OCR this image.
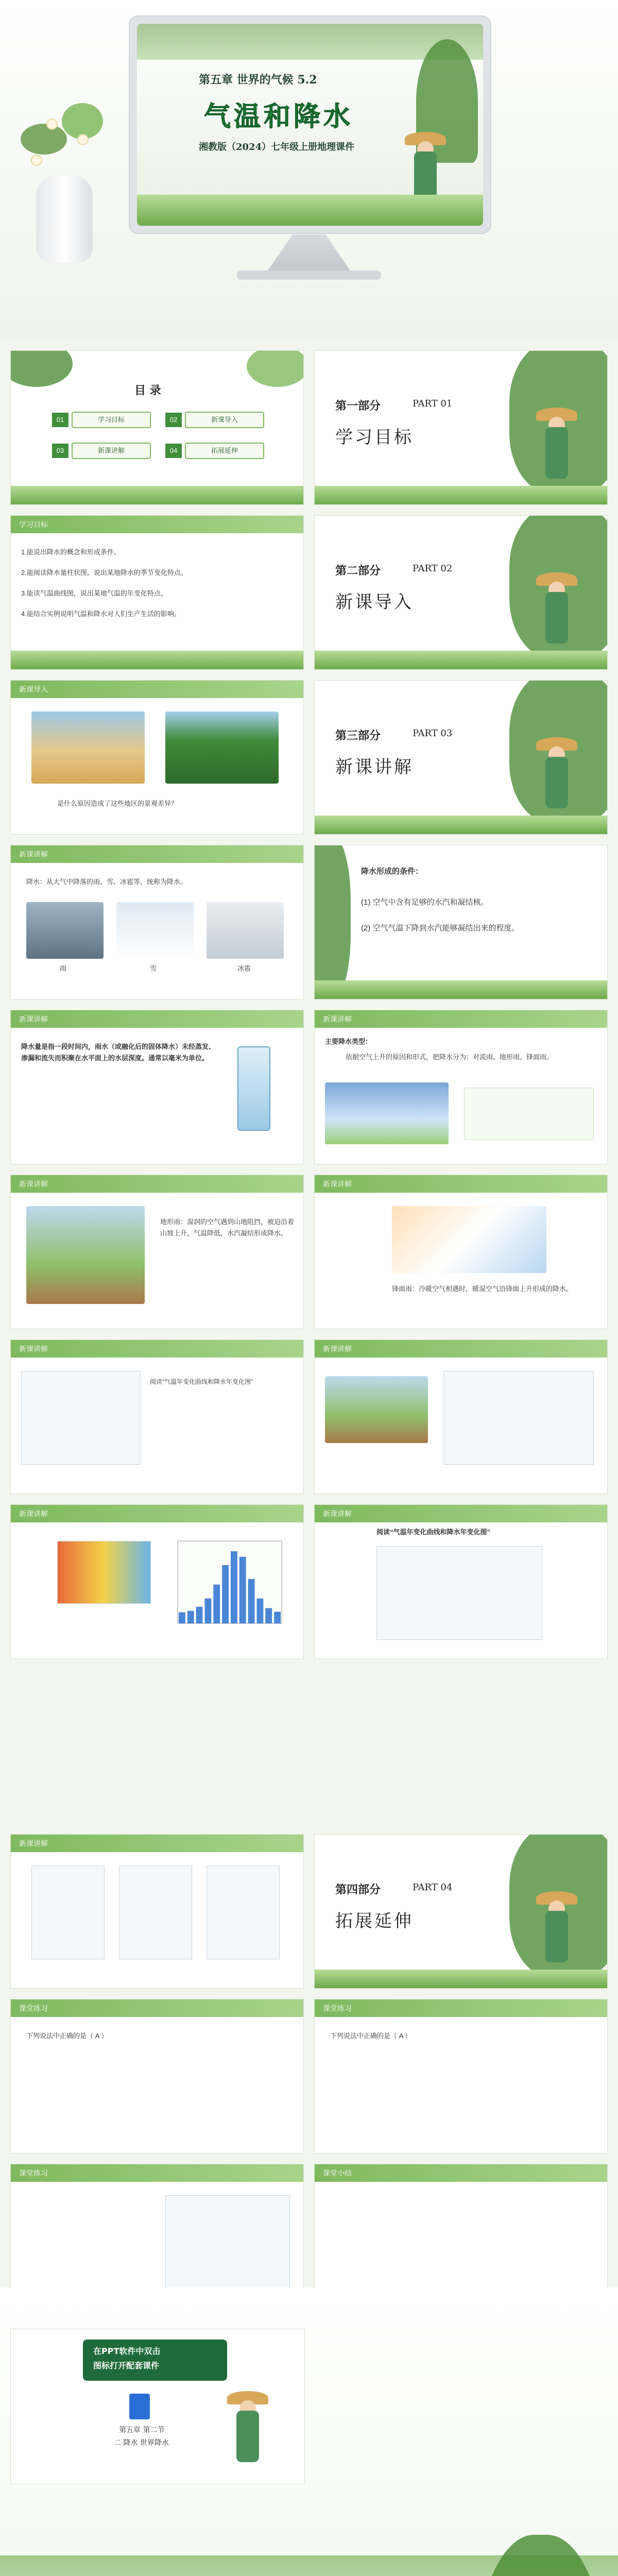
第五章 世界的气候 5.2
气温和降水
湘教版（2024）七年级上册地理课件
目 录
01	学习目标	02	新课导入
03	新课讲解	04	拓展延伸
第一部分	PART 01
学习目标
学习目标
1.能说出降水的概念和形成条件。
2.能阅读降水量柱状图，说出某地降水的季节变化特点。
3.能读气温曲线图，说出某地气温的年变化特点。
4.能结合实例说明气温和降水对人们生产生活的影响。
第二部分	PART 02
新课导入
新课导入
是什么原因造成了这些地区的景观差异？
第三部分	PART 03
新课讲解
新课讲解
降水：从大气中降落的雨、雪、冰雹等，统称为降水。
雨	雪	冰雹
降水形成的条件：
(1) 空气中含有足够的水汽和凝结核。
(2) 空气气温下降到水汽能够凝结出来的程度。
新课讲解
降水量是指一段时间内，雨水（或融化后的固体降水）未经蒸发、渗漏和流失而积聚在水平面上的水层深度。通常以毫米为单位。
新课讲解
主要降水类型：
依据空气上升的原因和形式，把降水分为：对流雨、地形雨、锋面雨。
新课讲解
地形雨：湿润的空气遇到山地阻挡，被迫沿着山坡上升，气温降低，水汽凝结形成降水。
新课讲解
锋面雨：冷暖空气相遇时，暖湿空气沿锋面上升形成的降水。
新课讲解
阅读“气温年变化曲线和降水年变化图”
新课讲解
新课讲解	新课讲解
阅读“气温年变化曲线和降水年变化图”
新课讲解
第四部分	PART 04
拓展延伸
课堂练习
下列说法中正确的是（ A ）
课堂练习
下列说法中正确的是（ A ）
课堂练习	课堂小结
在PPT软件中双击
图标打开配套课件
第五章 第二节
二 降水 世界降水
